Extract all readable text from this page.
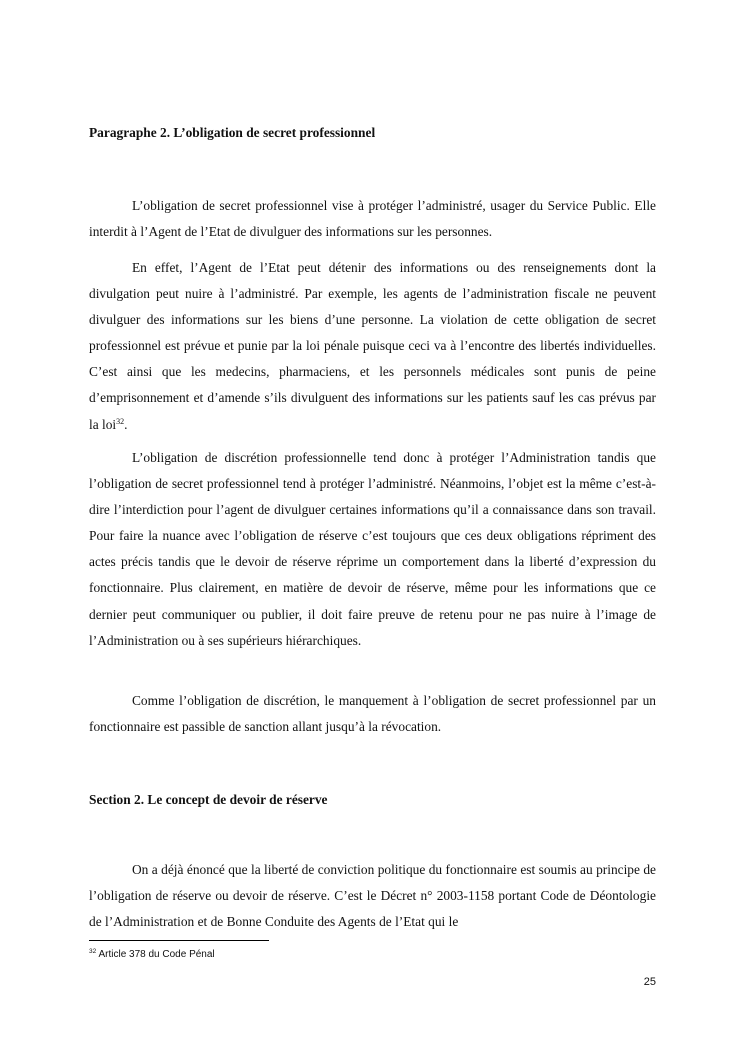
Paragraphe 2. L’obligation de secret professionnel

L’obligation de secret professionnel vise à protéger l’administré, usager du Service Public. Elle interdit à l’Agent de l’Etat de divulguer des informations sur les personnes.

En effet, l’Agent de l’Etat peut détenir des informations ou des renseignements dont la divulgation peut nuire à l’administré. Par exemple, les agents de l’administration fiscale ne peuvent divulguer des informations sur les biens d’une personne. La violation de cette obligation de secret professionnel est prévue et punie par la loi pénale puisque ceci va à l’encontre des libertés individuelles. C’est ainsi que les medecins, pharmaciens, et les personnels médicales sont punis de peine d’emprisonnement et d’amende s’ils divulguent des informations sur les patients sauf les cas prévus par la loi$^{32}$.

L’obligation de discrétion professionnelle tend donc à protéger l’Administration tandis que l’obligation de secret professionnel tend à protéger l’administré. Néanmoins, l’objet est la même c’est-à-dire l’interdiction pour l’agent de divulguer certaines informations qu’il a connaissance dans son travail. Pour faire la nuance avec l’obligation de réserve c’est toujours que ces deux obligations répriment des actes précis tandis que le devoir de réserve réprime un comportement dans la liberté d’expression du fonctionnaire. Plus clairement, en matière de devoir de réserve, même pour les informations que ce dernier peut communiquer ou publier, il doit faire preuve de retenu pour ne pas nuire à l’image de l’Administration ou à ses supérieurs hiérarchiques.

Comme l’obligation de discrétion, le manquement à l’obligation de secret professionnel par un fonctionnaire est passible de sanction allant jusqu’à la révocation.

Section 2. Le concept de devoir de réserve

On a déjà énoncé que la liberté de conviction politique du fonctionnaire est soumis au principe de l’obligation de réserve ou devoir de réserve. C’est le Décret n° 2003-1158 portant Code de Déontologie de l’Administration et de Bonne Conduite des Agents de l’Etat qui le

$^{32}$ Article 378 du Code Pénal

25
